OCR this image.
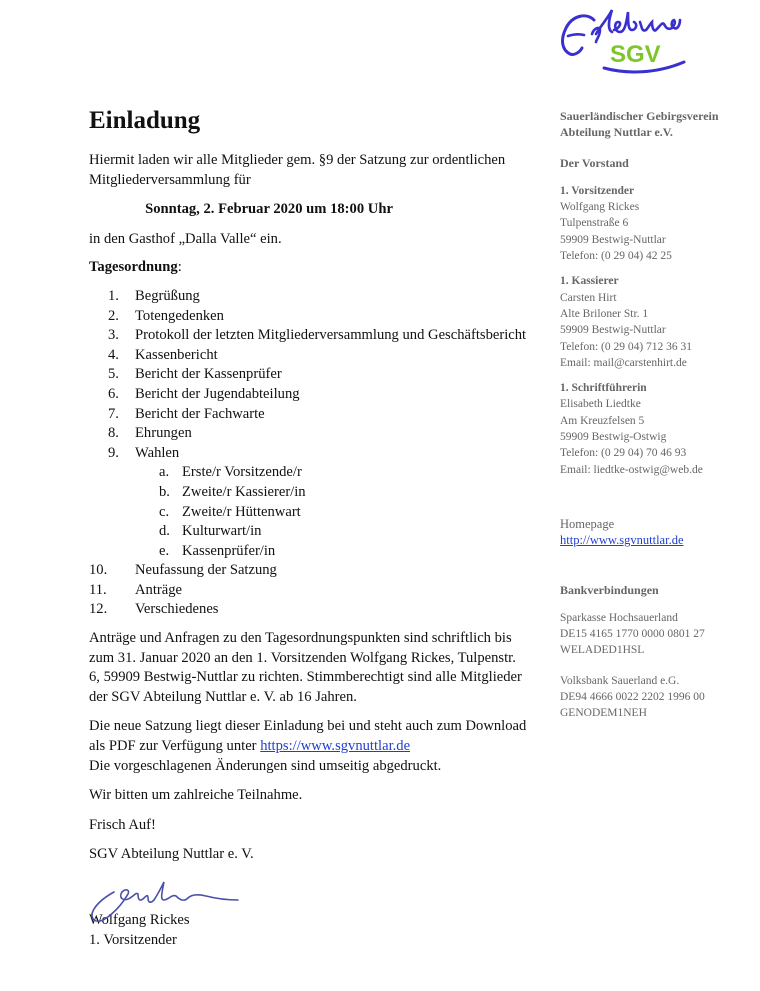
SGV
Einladung

Hiermit laden wir alle Mitglieder gem. §9 der Satzung zur ordentlichen Mitgliederversammlung für

Sonntag, 2. Februar 2020 um 18:00 Uhr

in den Gasthof „Dalla Valle“ ein.

Tagesordnung:

1. Begrüßung
2. Totengedenken
3. Protokoll der letzten Mitgliederversammlung und Geschäftsbericht
4. Kassenbericht
5. Bericht der Kassenprüfer
6. Bericht der Jugendabteilung
7. Bericht der Fachwarte
8. Ehrungen
9. Wahlen
a. Erste/r Vorsitzende/r
b. Zweite/r Kassierer/in
c. Zweite/r Hüttenwart
d. Kulturwart/in
e. Kassenprüfer/in
10. Neufassung der Satzung
11. Anträge
12. Verschiedenes

Anträge und Anfragen zu den Tagesordnungspunkten sind schriftlich bis zum 31. Januar 2020 an den 1. Vorsitzenden Wolfgang Rickes, Tulpenstr. 6, 59909 Bestwig-Nuttlar zu richten. Stimmberechtigt sind alle Mitglieder der SGV Abteilung Nuttlar e. V. ab 16 Jahren.

Die neue Satzung liegt dieser Einladung bei und steht auch zum Download als PDF zur Verfügung unter https://www.sgvnuttlar.de
Die vorgeschlagenen Änderungen sind umseitig abgedruckt.

Wir bitten um zahlreiche Teilnahme.

Frisch Auf!

SGV Abteilung Nuttlar e. V.

Wolfgang Rickes
1. Vorsitzender
Sauerländischer Gebirgsverein
Abteilung Nuttlar e.V.
Der Vorstand
1. Vorsitzender
Wolfgang Rickes
Tulpenstraße 6
59909 Bestwig-Nuttlar
Telefon: (0 29 04) 42 25
1. Kassierer
Carsten Hirt
Alte Briloner Str. 1
59909 Bestwig-Nuttlar
Telefon: (0 29 04) 712 36 31
Email: mail@carstenhirt.de
1. Schriftführerin
Elisabeth Liedtke
Am Kreuzfelsen 5
59909 Bestwig-Ostwig
Telefon: (0 29 04) 70 46 93
Email: liedtke-ostwig@web.de
Homepage
http://www.sgvnuttlar.de
Bankverbindungen
Sparkasse Hochsauerland
DE15 4165 1770 0000 0801 27
WELADED1HSL
Volksbank Sauerland e.G.
DE94 4666 0022 2202 1996 00
GENODEM1NEH
